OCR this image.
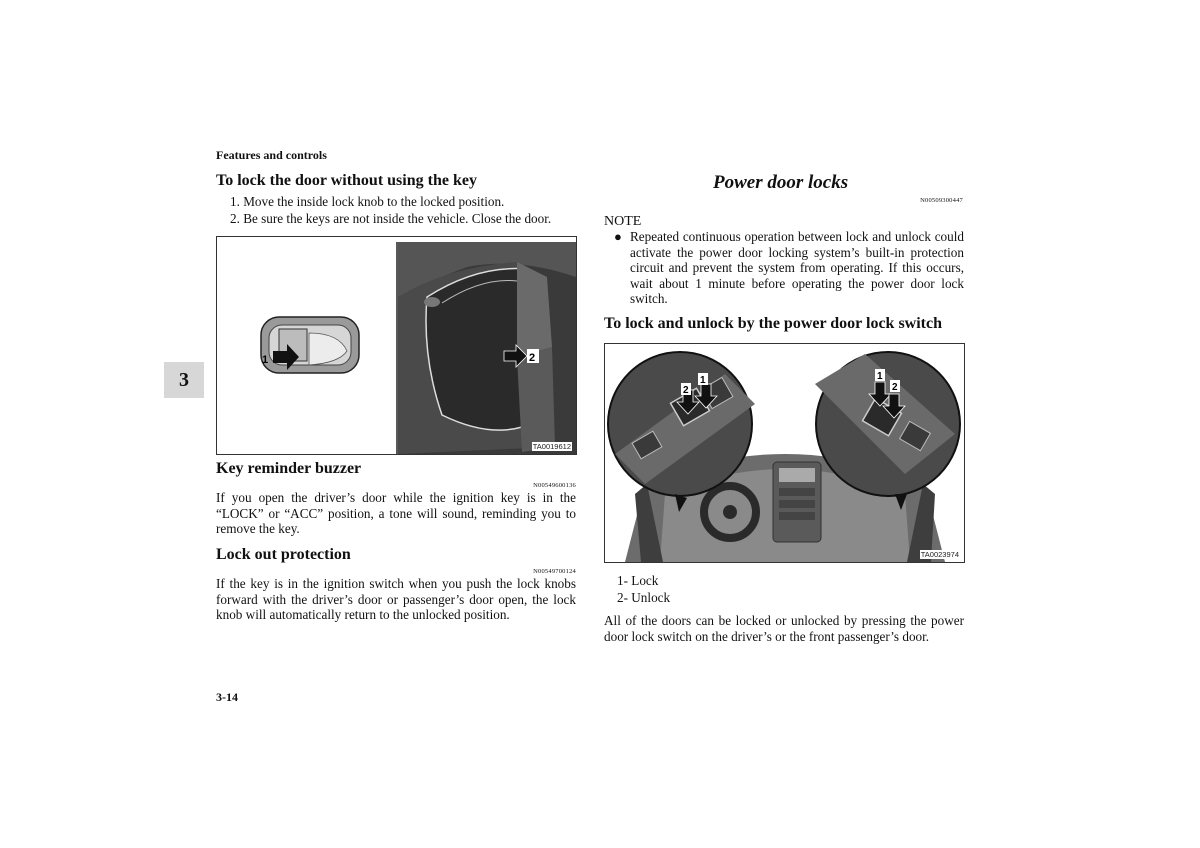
Features and controls
3
To lock the door without using the key
1. Move the inside lock knob to the locked position.
2. Be sure the keys are not inside the vehicle. Close the door.
1	2
TA0019612
Key reminder buzzer
N00549600136
If you open the driver’s door while the ignition key is in the “LOCK” or “ACC” position, a tone will sound, reminding you to remove the key.
Lock out protection
N00549700124
If the key is in the ignition switch when you push the lock knobs forward with the driver’s door or passenger’s door open, the lock knob will automatically return to the unlocked position.
Power door locks
N00509300447
NOTE
● Repeated continuous operation between lock and unlock could activate the power door locking system’s built-in protection circuit and prevent the system from operating. If this occurs, wait about 1 minute before operating the power door lock switch.
To lock and unlock by the power door lock switch
2
1	1
2
TA0023974
1- Lock
2- Unlock
All of the doors can be locked or unlocked by pressing the power door lock switch on the driver’s or the front passenger’s door.
3-14
